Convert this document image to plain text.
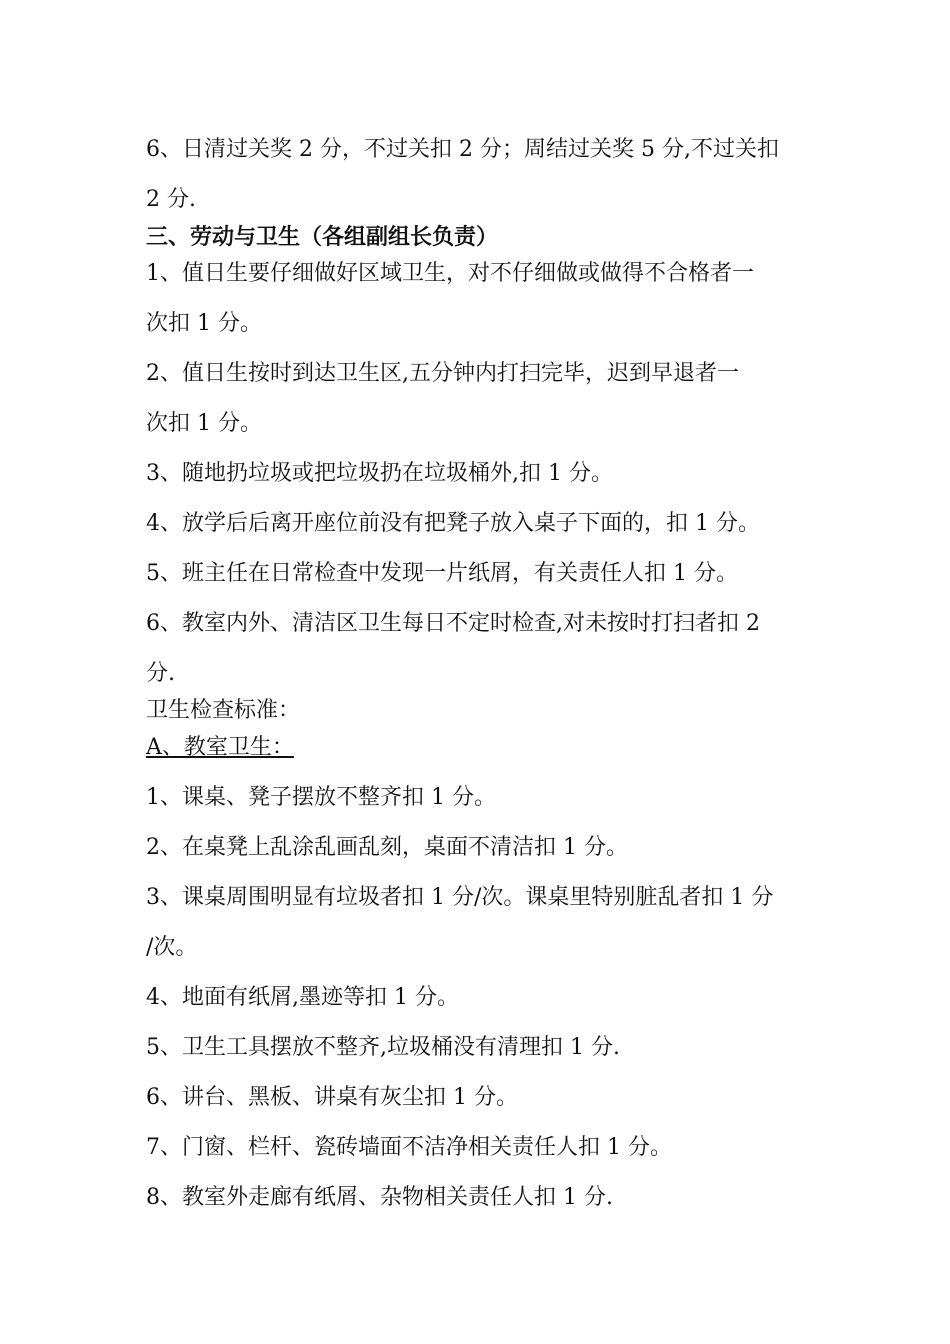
6、日清过关奖 2 分，不过关扣 2 分；周结过关奖 5 分,不过关扣

2 分.

三、劳动与卫生（各组副组长负责）

1、值日生要仔细做好区域卫生，对不仔细做或做得不合格者一

次扣 1 分。

2、值日生按时到达卫生区,五分钟内打扫完毕，迟到早退者一

次扣 1 分。

3、随地扔垃圾或把垃圾扔在垃圾桶外,扣 1 分。

4、放学后后离开座位前没有把凳子放入桌子下面的，扣 1 分。

5、班主任在日常检查中发现一片纸屑，有关责任人扣 1 分。

6、教室内外、清洁区卫生每日不定时检查,对未按时打扫者扣 2

分.

卫生检查标准：

A、教室卫生：

1、课桌、凳子摆放不整齐扣 1 分。

2、在桌凳上乱涂乱画乱刻，桌面不清洁扣 1 分。

3、课桌周围明显有垃圾者扣 1 分/次。课桌里特别脏乱者扣 1 分

/次。

4、地面有纸屑,墨迹等扣 1 分。

5、卫生工具摆放不整齐,垃圾桶没有清理扣 1 分.

6、讲台、黑板、讲桌有灰尘扣 1 分。

7、门窗、栏杆、瓷砖墙面不洁净相关责任人扣 1 分。

8、教室外走廊有纸屑、杂物相关责任人扣 1 分.
